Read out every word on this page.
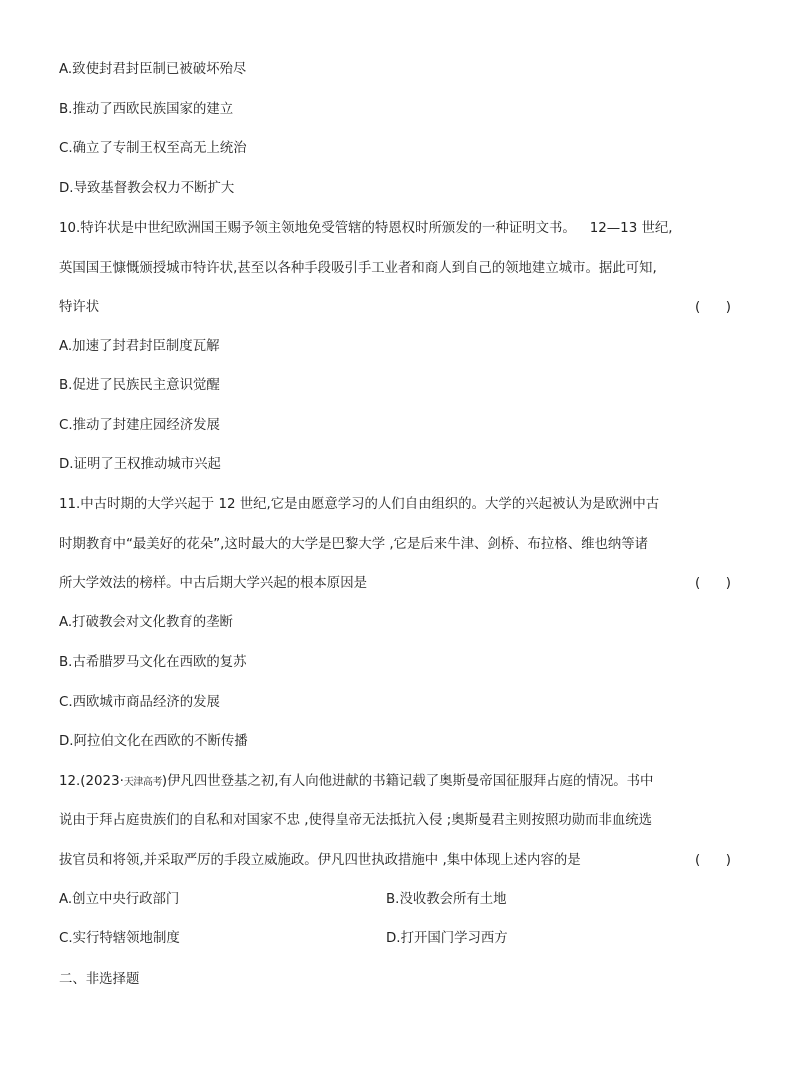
A.致使封君封臣制已被破坏殆尽
B.推动了西欧民族国家的建立
C.确立了专制王权至高无上统治
D.导致基督教会权力不断扩大
10.特许状是中世纪欧洲国王赐予领主领地免受管辖的特恩权时所颁发的一种证明文书。 12—13 世纪,
英国国王慷慨颁授城市特许状,甚至以各种手段吸引手工业者和商人到自己的领地建立城市。据此可知,
特许状	(      )
A.加速了封君封臣制度瓦解
B.促进了民族民主意识觉醒
C.推动了封建庄园经济发展
D.证明了王权推动城市兴起
11.中古时期的大学兴起于 12 世纪,它是由愿意学习的人们自由组织的。大学的兴起被认为是欧洲中古
时期教育中“最美好的花朵”,这时最大的大学是巴黎大学 ,它是后来牛津、剑桥、布拉格、维也纳等诸
所大学效法的榜样。中古后期大学兴起的根本原因是	(      )
A.打破教会对文化教育的垄断
B.古希腊罗马文化在西欧的复苏
C.西欧城市商品经济的发展
D.阿拉伯文化在西欧的不断传播
12.(2023·天津高考)伊凡四世登基之初,有人向他进献的书籍记载了奥斯曼帝国征服拜占庭的情况。书中
说由于拜占庭贵族们的自私和对国家不忠 ,使得皇帝无法抵抗入侵 ;奥斯曼君主则按照功勋而非血统选
拔官员和将领,并采取严厉的手段立威施政。伊凡四世执政措施中 ,集中体现上述内容的是	(      )
A.创立中央行政部门	B.没收教会所有土地
C.实行特辖领地制度	D.打开国门学习西方
二、非选择题
